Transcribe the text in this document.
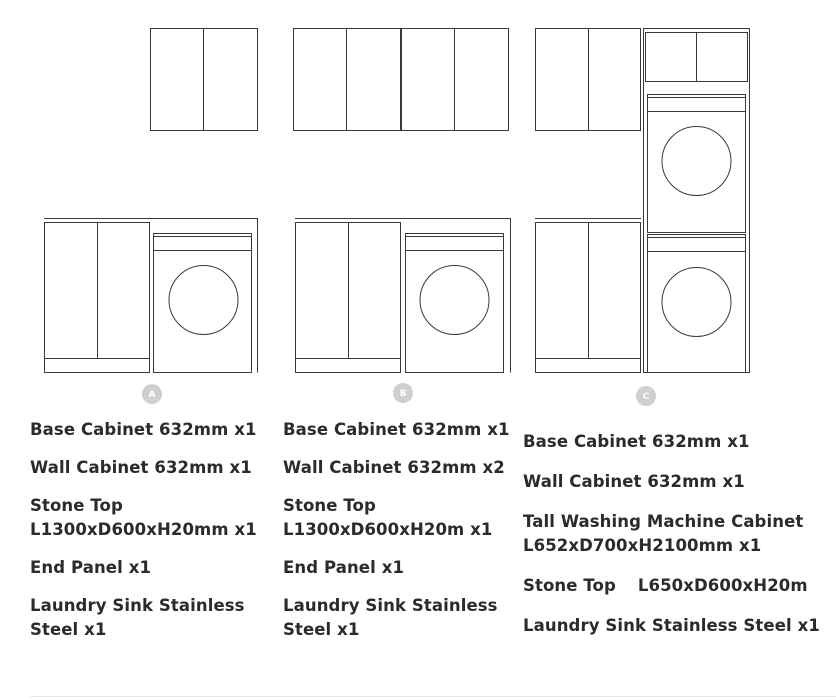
A	B	C

Base Cabinet 632mm x1

Wall Cabinet 632mm x1

Stone Top L1300xD600xH20mm x1

End Panel x1

Laundry Sink Stainless Steel x1

Base Cabinet 632mm x1

Wall Cabinet 632mm x2

Stone Top L1300xD600xH20m x1

End Panel x1

Laundry Sink Stainless Steel x1

Base Cabinet 632mm x1

Wall Cabinet 632mm x1

Tall Washing Machine Cabinet L652xD700xH2100mm x1

Stone Top L650xD600xH20m

Laundry Sink Stainless Steel x1
